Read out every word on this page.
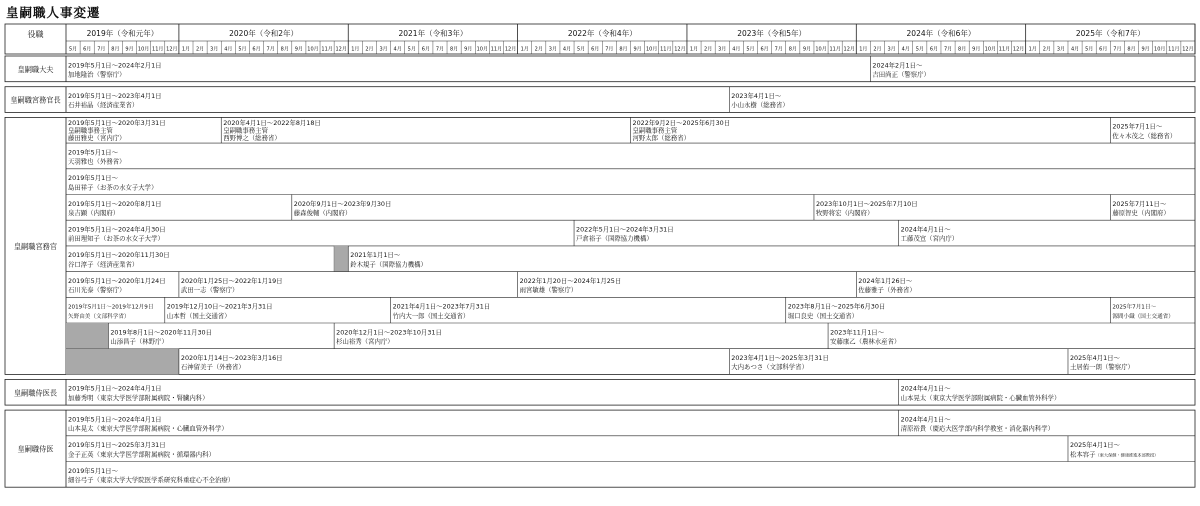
皇嗣職人事変遷
役職	2019年（令和元年）
5月 6月 7月 8月 9月 10月 11月 12月
2020年（令和2年）
1月 2月 3月 4月 5月 6月 7月 8月 9月 10月 11月 12月
2021年（令和3年）
1月 2月 3月 4月 5月 6月 7月 8月 9月 10月 11月 12月
2022年（令和4年）
1月 2月 3月 4月 5月 6月 7月 8月 9月 10月 11月 12月
2023年（令和5年）
1月 2月 3月 4月 5月 6月 7月 8月 9月 10月 11月 12月
2024年（令和6年）
1月 2月 3月 4月 5月 6月 7月 8月 9月 10月 11月 12月
2025年（令和7年）
1月 2月 3月 4月 5月 6月 7月 8月 9月 10月 11月 12月
皇嗣職大夫 2019年5月1日～2024年2月1日
加地隆治（警察庁）
2024年2月1日～
吉田尚正（警察庁）
皇嗣職宮務官長 2019年5月1日～2023年4月1日
石井裕晶（経済産業省）
2023年4月1日～
小山永樹（総務省）
皇嗣職宮務官
2019年5月1日～2020年3月31日
皇嗣職事務主管
藤田雅史（宮内庁）
2020年4月1日～2022年8月18日
皇嗣職事務主管
西野博之（総務省）
2022年9月2日～2025年6月30日
皇嗣職事務主管
河野太郎（総務省）
2025年7月1日～
佐々木茂之（総務省）
2019年5月1日～
天羽雅也（外務省）
2019年5月1日～
島田祥子（お茶の水女子大学）
2019年5月1日～2020年8月1日
泉吉顕（内閣府）
2020年9月1日～2023年9月30日
藤森俊輔（内閣府）
2023年10月1日～2025年7月10日
牧野将宏（内閣府）
2025年7月11日～
藤原智史（内閣府）
2019年5月1日～2024年4月30日
前田理知子（お茶の水女子大学）
2022年5月1日～2024年3月31日
戸倉裕子（国際協力機構）
2024年4月1日～
工藤茂宣（宮内庁）
2019年5月1日～2020年11月30日
谷口淳子（経済産業省）
2021年1月1日～
鈴木規子（国際協力機構）
2019年5月1日～2020年1月24日
石川光泰（警察庁）
2020年1月25日～2022年1月19日
武田一志（警察庁）
2022年1月20日～2024年1月25日
雨宮敏雄（警察庁）
2024年1月26日～
佐藤雅子（外務省）
2019年5月1日～2019年12月9日
矢野由美（文部科学省）
2019年12月10日～2021年3月31日
山本哲（国土交通省）
2021年4月1日～2023年7月31日
竹内大一郎（国土交通省）
2023年8月1日～2025年6月30日
堀口良史（国土交通省）
2025年7月1日～
源間小織（国土交通省）
2019年8月1日～2020年11月30日
山添昌子（林野庁）
2020年12月1日～2023年10月31日
杉山裕秀（宮内庁）
2023年11月1日～
安藤康乙（農林水産省）
2020年1月14日～2023年3月16日
石神留美子（外務省）
2023年4月1日～2025年3月31日
大内あつさ（文部科学省）
2025年4月1日～
土居侑一朗（警察庁）
皇嗣職侍医長 2019年5月1日～2024年4月1日
加藤秀明（東京大学医学部附属病院・腎臓内科）
2024年4月1日～
山本晃太（東京大学医学部附属病院・心臓血管外科学）
皇嗣職侍医
2019年5月1日～2024年4月1日
山本晃太（東京大学医学部附属病院・心臓血管外科学）
2024年4月1日～
清原裕貴（慶応大医学部内科学教室・消化器内科学）
2019年5月1日～2025年3月31日
金子正英（東京大学医学部附属病院・循環器内科）
2025年4月1日～
松本容子（東大保健・健康推進本部教授）
2019年5月1日～
細谷弓子（東京大学大学院医学系研究科重症心不全治療）
